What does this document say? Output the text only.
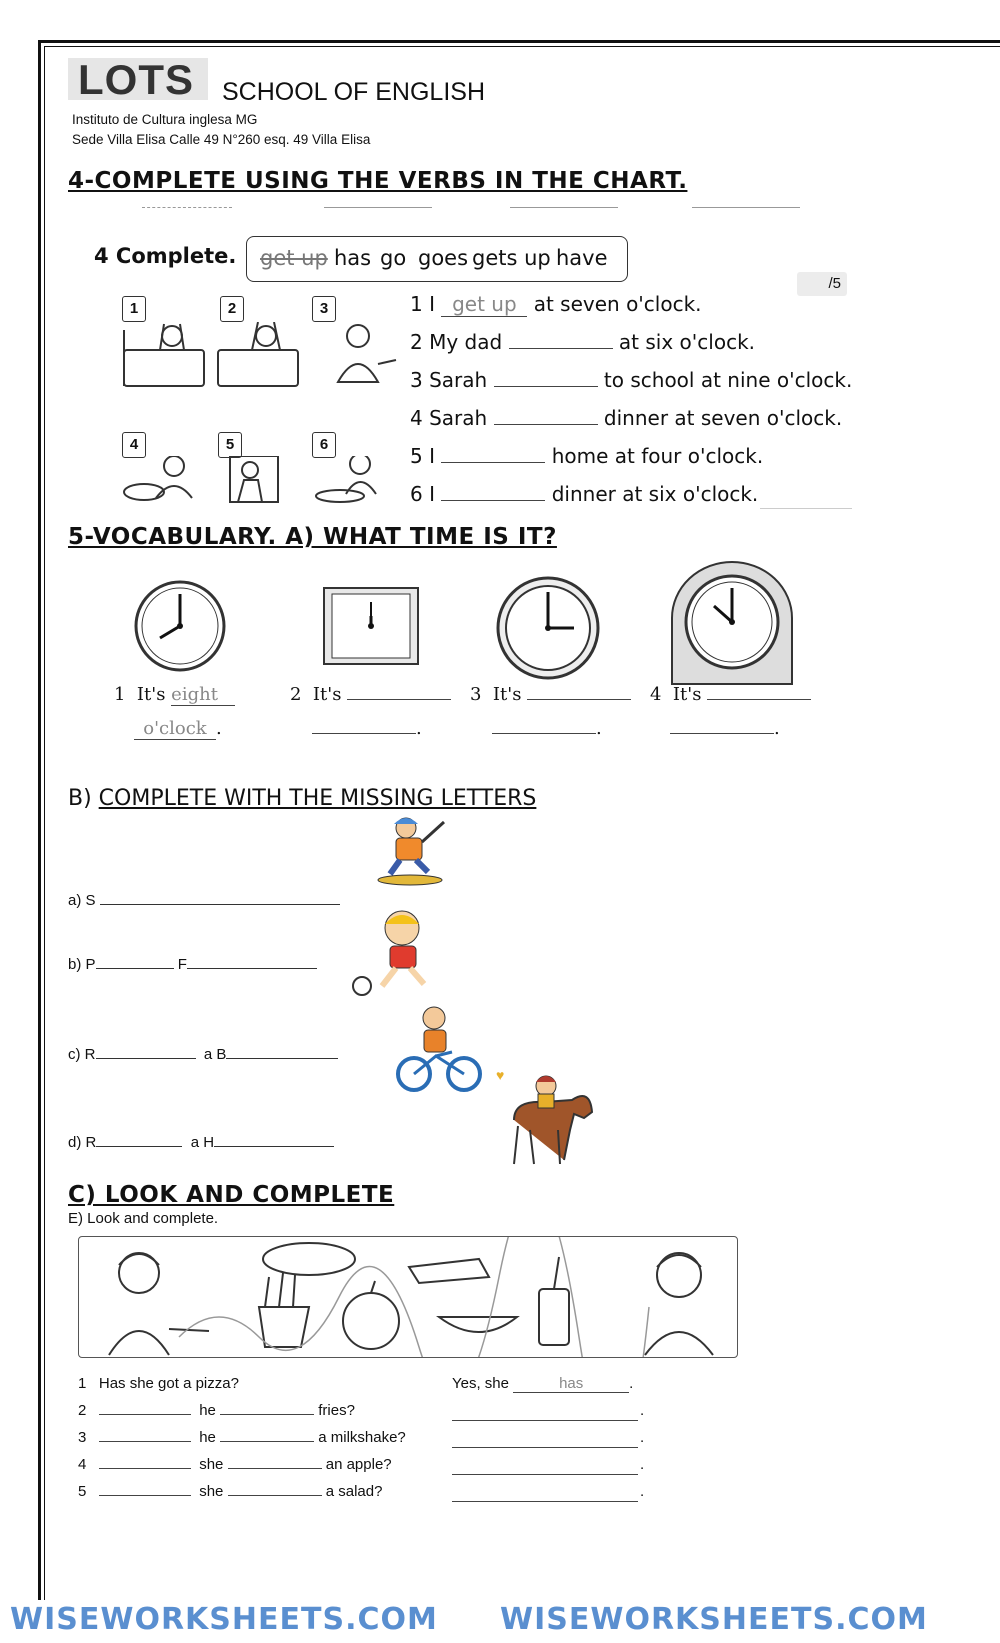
LOTS SCHOOL OF ENGLISH
Instituto de Cultura inglesa MG
Sede Villa Elisa Calle 49 N°260 esq. 49 Villa Elisa
4-COMPLETE USING THE VERBS IN THE CHART.
4 Complete. get up has go goes gets up have
/5
1	2	3
4	5	6
1 I get up at seven o'clock.
2 My dad	at six o'clock.
3 Sarah	to school at nine o'clock.
4 Sarah	dinner at seven o'clock.
5 I	home at four o'clock.
6 I	dinner at six o'clock.
5-VOCABULARY. A) WHAT TIME IS IT?
1 It's eight
o'clock .
2 It's
.
3 It's
.
4 It's
.
B) COMPLETE WITH THE MISSING LETTERS
♥
a) S
b) P	F
c) R	a B
d) R	a H
C) LOOK AND COMPLETE
E) Look and complete.
1 Has she got a pizza?	Yes, she	has	.
2	he	fries?	.
3	he	a milkshake?	.
4	she	an apple?	.
5	she	a salad?	.
WISEWORKSHEETS.COM WISEWORKSHEETS.COM
